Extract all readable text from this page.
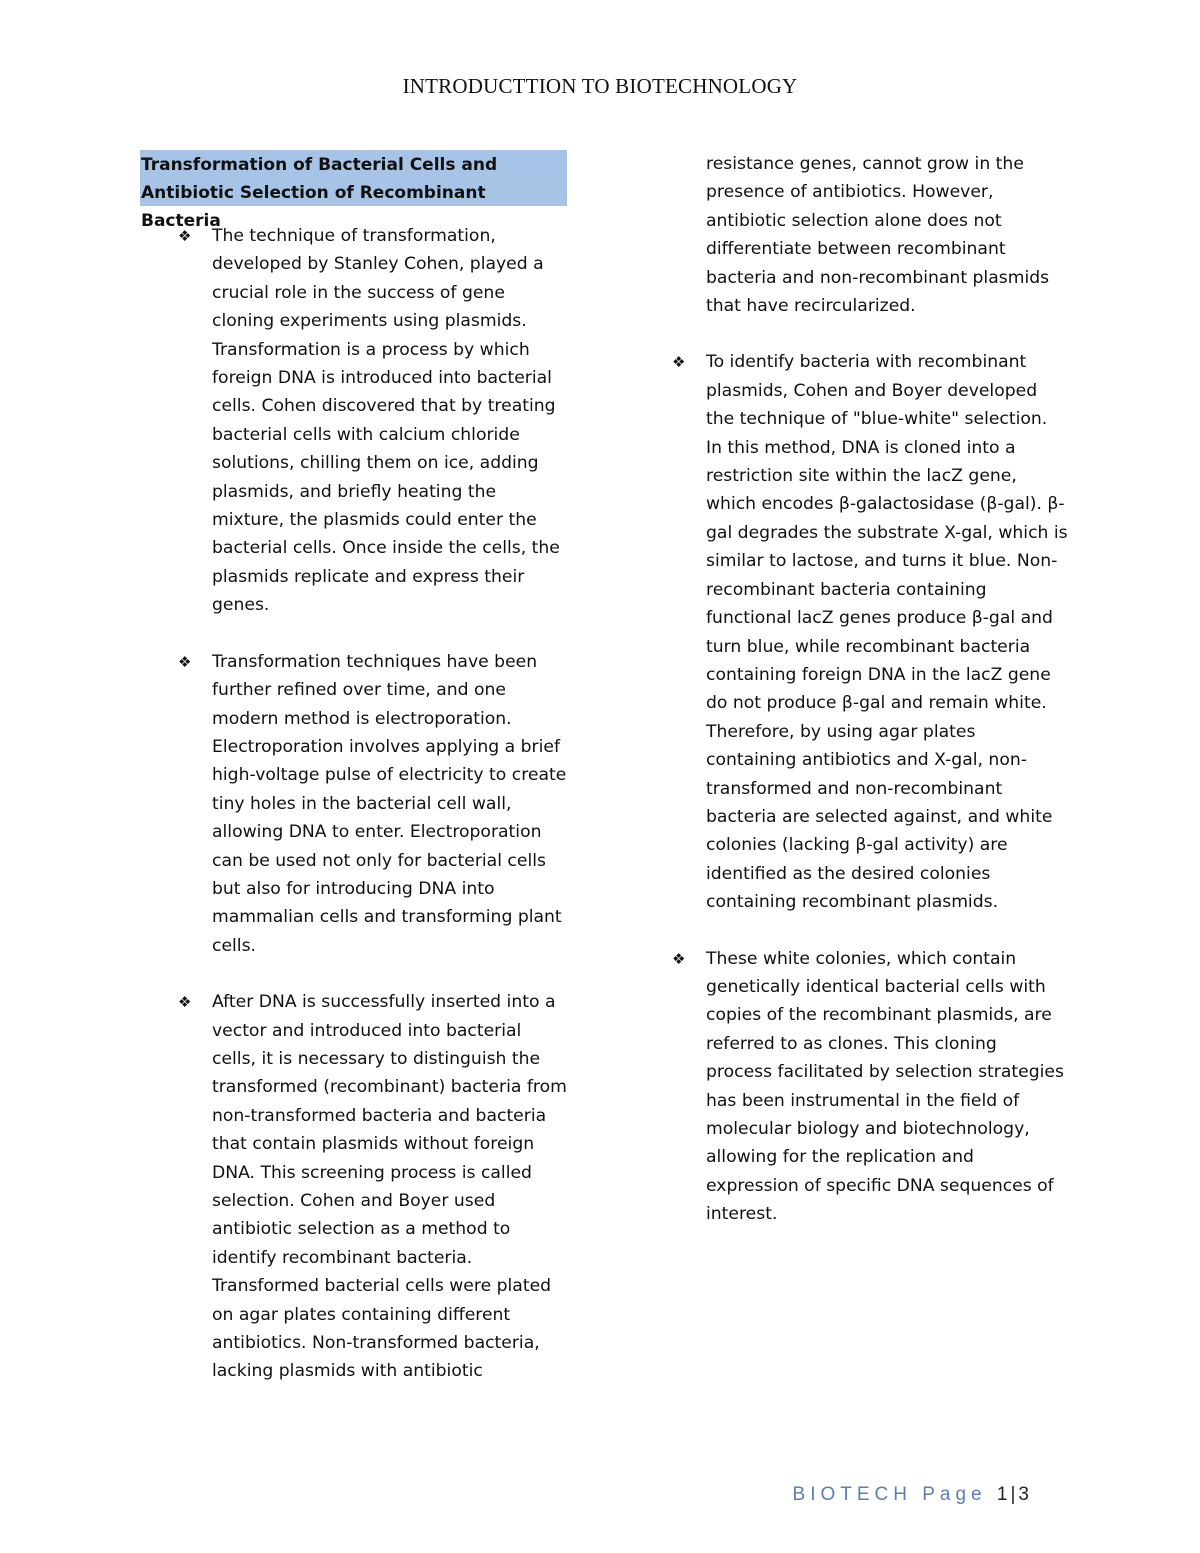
INTRODUCTTION TO BIOTECHNOLOGY
Transformation of Bacterial Cells and Antibiotic Selection of Recombinant Bacteria
❖ The technique of transformation, developed by Stanley Cohen, played a crucial role in the success of gene cloning experiments using plasmids. Transformation is a process by which foreign DNA is introduced into bacterial cells. Cohen discovered that by treating bacterial cells with calcium chloride solutions, chilling them on ice, adding plasmids, and briefly heating the mixture, the plasmids could enter the bacterial cells. Once inside the cells, the plasmids replicate and express their genes.
❖ Transformation techniques have been further refined over time, and one modern method is electroporation. Electroporation involves applying a brief high-voltage pulse of electricity to create tiny holes in the bacterial cell wall, allowing DNA to enter. Electroporation can be used not only for bacterial cells but also for introducing DNA into mammalian cells and transforming plant cells.
❖ After DNA is successfully inserted into a vector and introduced into bacterial cells, it is necessary to distinguish the transformed (recombinant) bacteria from non-transformed bacteria and bacteria that contain plasmids without foreign DNA. This screening process is called selection. Cohen and Boyer used antibiotic selection as a method to identify recombinant bacteria. Transformed bacterial cells were plated on agar plates containing different antibiotics. Non-transformed bacteria, lacking plasmids with antibiotic
resistance genes, cannot grow in the presence of antibiotics. However, antibiotic selection alone does not differentiate between recombinant bacteria and non-recombinant plasmids that have recircularized.
❖ To identify bacteria with recombinant plasmids, Cohen and Boyer developed the technique of "blue-white" selection. In this method, DNA is cloned into a restriction site within the lacZ gene, which encodes β-galactosidase (β-gal). β-gal degrades the substrate X-gal, which is similar to lactose, and turns it blue. Non-recombinant bacteria containing functional lacZ genes produce β-gal and turn blue, while recombinant bacteria containing foreign DNA in the lacZ gene do not produce β-gal and remain white. Therefore, by using agar plates containing antibiotics and X-gal, non-transformed and non-recombinant bacteria are selected against, and white colonies (lacking β-gal activity) are identified as the desired colonies containing recombinant plasmids.
❖ These white colonies, which contain genetically identical bacterial cells with copies of the recombinant plasmids, are referred to as clones. This cloning process facilitated by selection strategies has been instrumental in the field of molecular biology and biotechnology, allowing for the replication and expression of specific DNA sequences of interest.
BIOTECH Page 1|3
